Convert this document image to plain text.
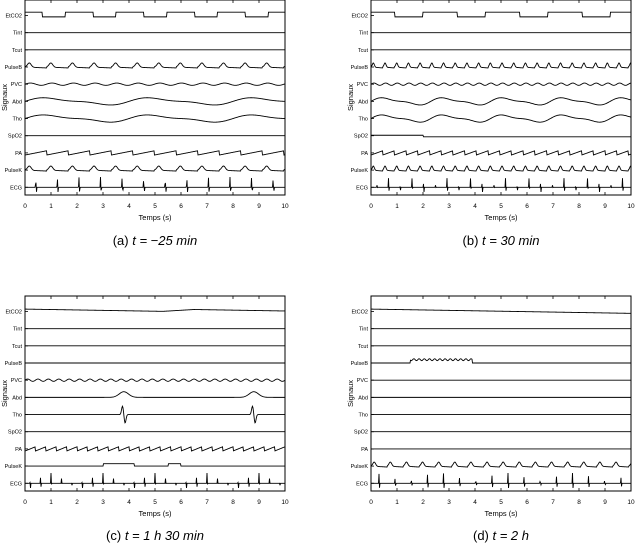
0	1	2	3	4	5	6	7	8	9	10
Temps (s)
Signaux
EtCO2
Tint
Tcut
PulseB
PVC
Abd
Tho
SpO2
PA
PulseK
ECG
(a) t = −25 min
0	1	2	3	4	5	6	7	8	9	10
Temps (s)
Signaux
EtCO2
Tint
Tcut
PulseB
PVC
Abd
Tho
SpO2
PA
PulseK
ECG
(b) t = 30 min
0	1	2	3	4	5	6	7	8	9	10
Temps (s)
Signaux
EtCO2
Tint
Tcut
PulseB
PVC
Abd
Tho
SpO2
PA
PulseK
ECG
(c) t = 1 h 30 min
0	1	2	3	4	5	6	7	8	9	10
Temps (s)
Signaux
EtCO2
Tint
Tcut
PulseB
PVC
Abd
Tho
SpO2
PA
PulseK
ECG
(d) t = 2 h
